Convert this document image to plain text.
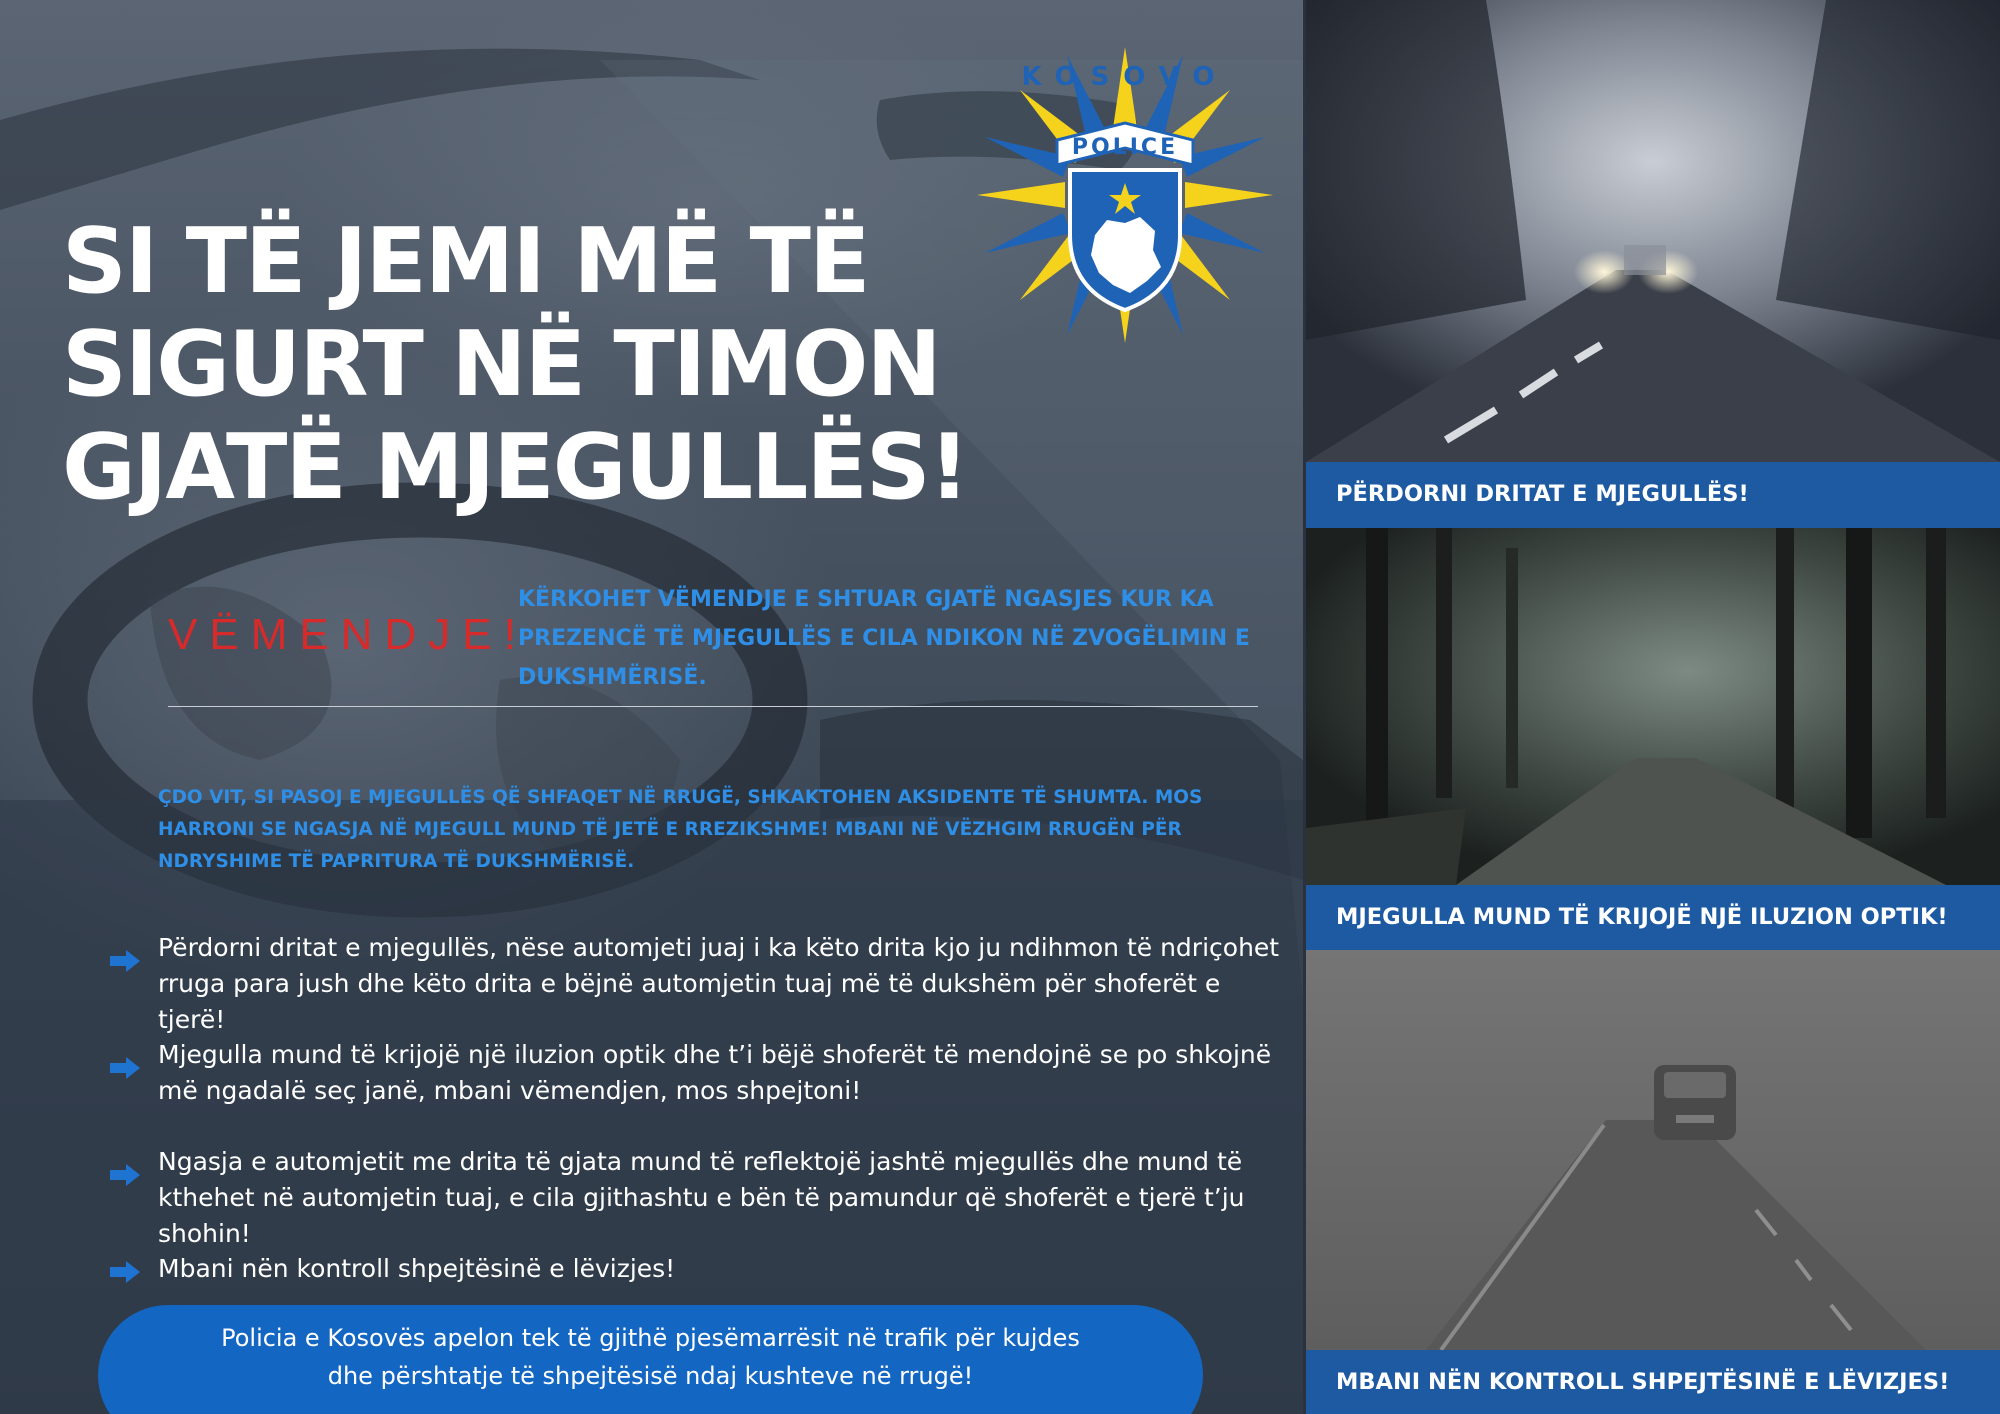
KOSOVO
POLICE
SI TË JEMI MË TË
SIGURT NË TIMON
GJATË MJEGULLËS!
VËMENDJE!
KËRKOHET VËMENDJE E SHTUAR GJATË NGASJES KUR KA PREZENCË TË MJEGULLËS E CILA NDIKON NË ZVOGËLIMIN E DUKSHMËRISË.
ÇDO VIT, SI PASOJ E MJEGULLËS QË SHFAQET NË RRUGË, SHKAKTOHEN AKSIDENTE TË SHUMTA. MOS HARRONI SE NGASJA NË MJEGULL MUND TË JETË E RREZIKSHME! MBANI NË VËZHGIM RRUGËN PËR NDRYSHIME TË PAPRITURA TË DUKSHMËRISË.
Përdorni dritat e mjegullës, nëse automjeti juaj i ka këto drita kjo ju ndihmon të ndriçohet rruga para jush dhe këto drita e bëjnë automjetin tuaj më të dukshëm për shoferët e tjerë!
Mjegulla mund të krijojë një iluzion optik dhe t’i bëjë shoferët të mendojnë se po shkojnë më ngadalë seç janë, mbani vëmendjen, mos shpejtoni!
Ngasja e automjetit me drita të gjata mund të reflektojë jashtë mjegullës dhe mund të kthehet në automjetin tuaj, e cila gjithashtu e bën të pamundur që shoferët e tjerë t’ju shohin!
Mbani nën kontroll shpejtësinë e lëvizjes!

Policia e Kosovës apelon tek të gjithë pjesëmarrësit në trafik për kujdes
dhe përshtatje të shpejtësisë ndaj kushteve në rrugë!

PËRDORNI DRITAT E MJEGULLËS!
MJEGULLA MUND TË KRIJOJË NJË ILUZION OPTIK!
MBANI NËN KONTROLL SHPEJTËSINË E LËVIZJES!
